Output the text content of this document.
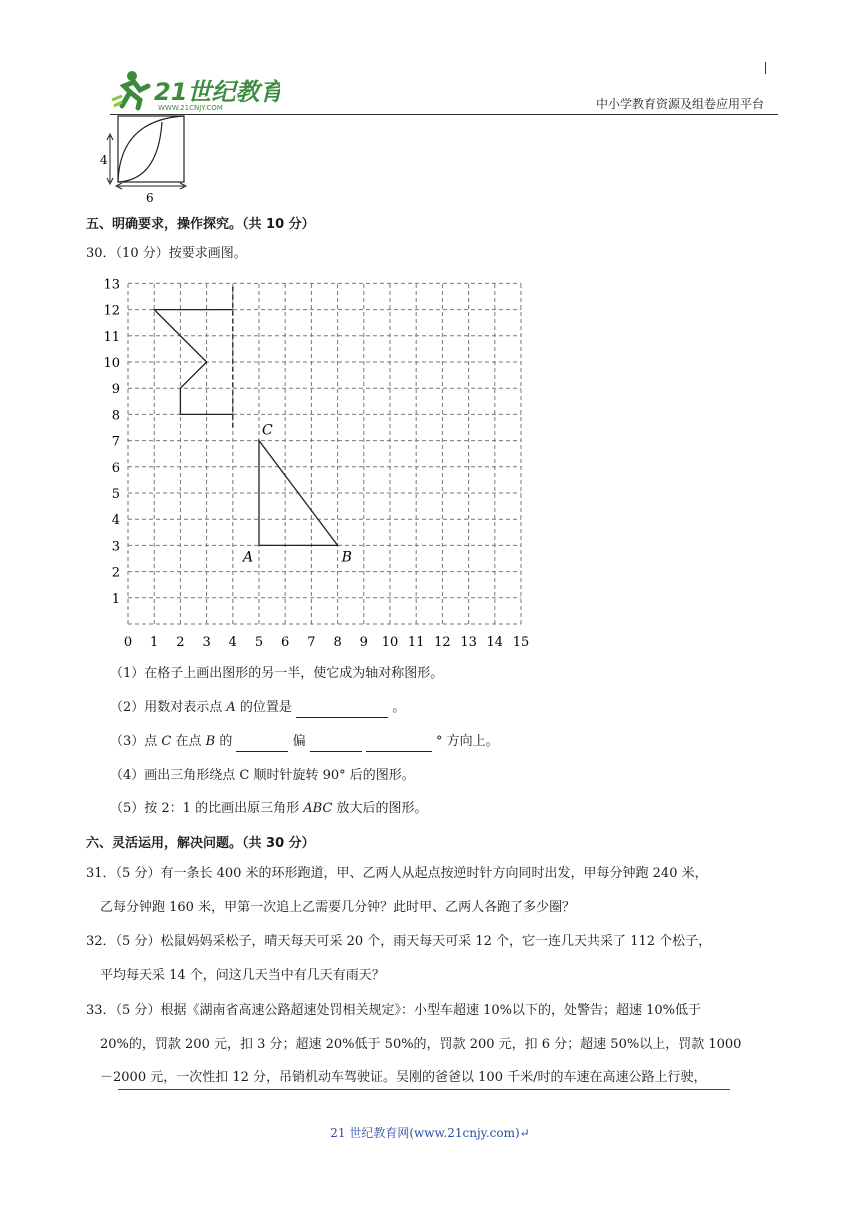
21世纪教育
WWW.21CNJY.COM	中小学教育资源及组卷应用平台
4
6
五、明确要求，操作探究。（共 10 分）
30．（10 分）按要求画图。
0 1 2 3 4 5 6 7 8 9 10 11 12 13 14 15
1
2
3
4
5
6
7
8
9
10
11
12
13
A	B
C
（1）在格子上画出图形的另一半，使它成为轴对称图形。
（2）用数对表示点 A 的位置是	。
（3）点 C 在点 B 的	偏	° 方向上。
（4）画出三角形绕点 C 顺时针旋转 90° 后的图形。
（5）按 2：1 的比画出原三角形 ABC 放大后的图形。
六、灵活运用，解决问题。（共 30 分）
31．（5 分）有一条长 400 米的环形跑道，甲、乙两人从起点按逆时针方向同时出发，甲每分钟跑 240 米，
乙每分钟跑 160 米，甲第一次追上乙需要几分钟？此时甲、乙两人各跑了多少圈？
32．（5 分）松鼠妈妈采松子，晴天每天可采 20 个，雨天每天可采 12 个，它一连几天共采了 112 个松子，
平均每天采 14 个，问这几天当中有几天有雨天？
33．（5 分）根据《湖南省高速公路超速处罚相关规定》：小型车超速 10%以下的，处警告；超速 10%低于
20%的，罚款 200 元，扣 3 分；超速 20%低于 50%的，罚款 200 元，扣 6 分；超速 50%以上，罚款 1000
－2000 元，一次性扣 12 分，吊销机动车驾驶证。吴刚的爸爸以 100 千米/时的车速在高速公路上行驶，
21 世纪教育网(www.21cnjy.com)↵
